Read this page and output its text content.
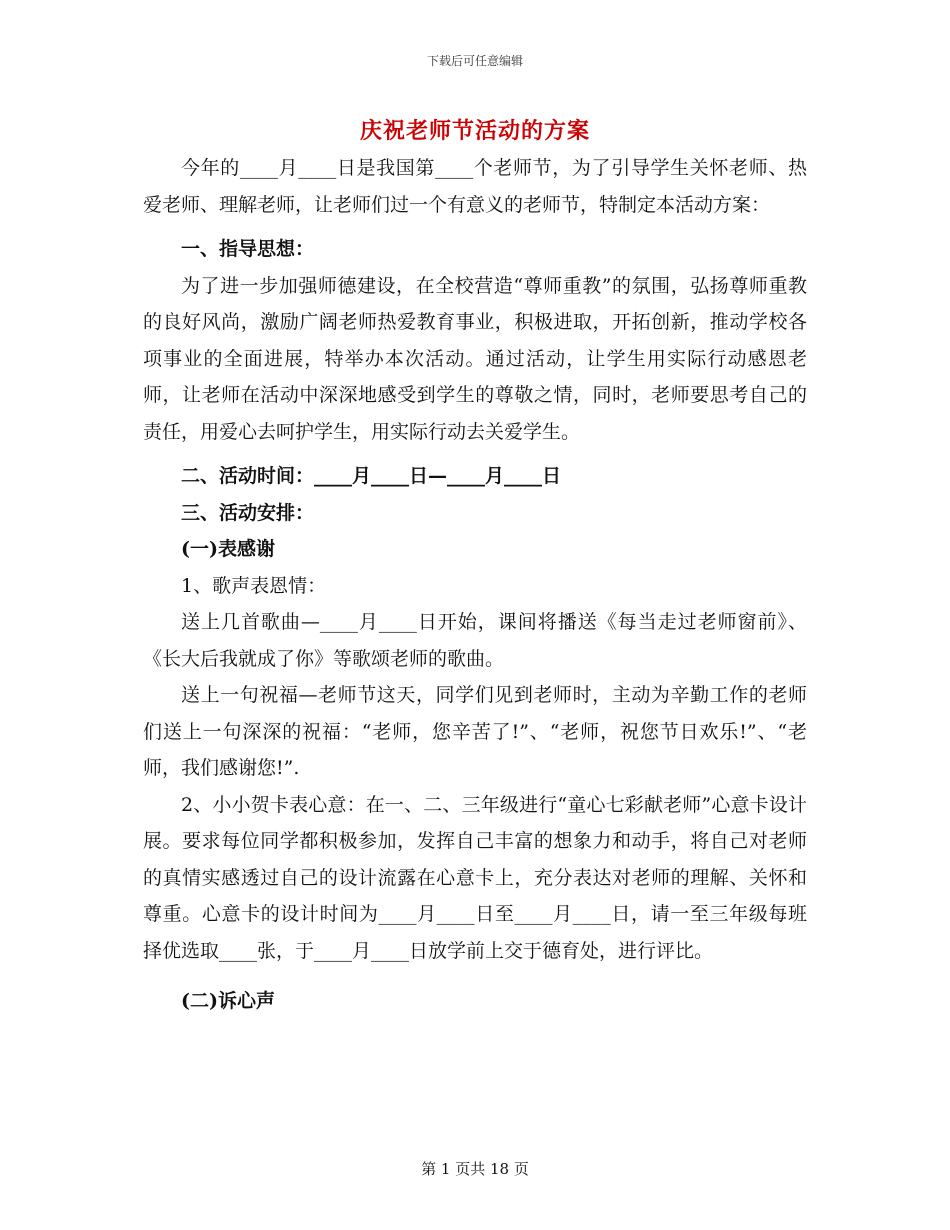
下载后可任意编辑
庆祝老师节活动的方案

今年的____月____日是我国第____个老师节，为了引导学生关怀老师、热爱老师、理解老师，让老师们过一个有意义的老师节，特制定本活动方案：

一、指导思想：

为了进一步加强师德建设，在全校营造“尊师重教”的氛围，弘扬尊师重教的良好风尚，激励广阔老师热爱教育事业，积极进取，开拓创新，推动学校各项事业的全面进展，特举办本次活动。通过活动，让学生用实际行动感恩老师，让老师在活动中深深地感受到学生的尊敬之情，同时，老师要思考自己的责任，用爱心去呵护学生，用实际行动去关爱学生。

二、活动时间：____月____日—____月____日

三、活动安排：

(一)表感谢

1、歌声表恩情：

送上几首歌曲—____月____日开始，课间将播送《每当走过老师窗前》、《长大后我就成了你》等歌颂老师的歌曲。

送上一句祝福—老师节这天，同学们见到老师时，主动为辛勤工作的老师们送上一句深深的祝福：“老师，您辛苦了!”、“老师，祝您节日欢乐!”、“老师，我们感谢您!”.

2、小小贺卡表心意：在一、二、三年级进行“童心七彩献老师”心意卡设计展。要求每位同学都积极参加，发挥自己丰富的想象力和动手，将自己对老师的真情实感透过自己的设计流露在心意卡上，充分表达对老师的理解、关怀和尊重。心意卡的设计时间为____月____日至____月____日，请一至三年级每班择优选取____张，于____月____日放学前上交于德育处，进行评比。

(二)诉心声

第 1 页共 18 页
